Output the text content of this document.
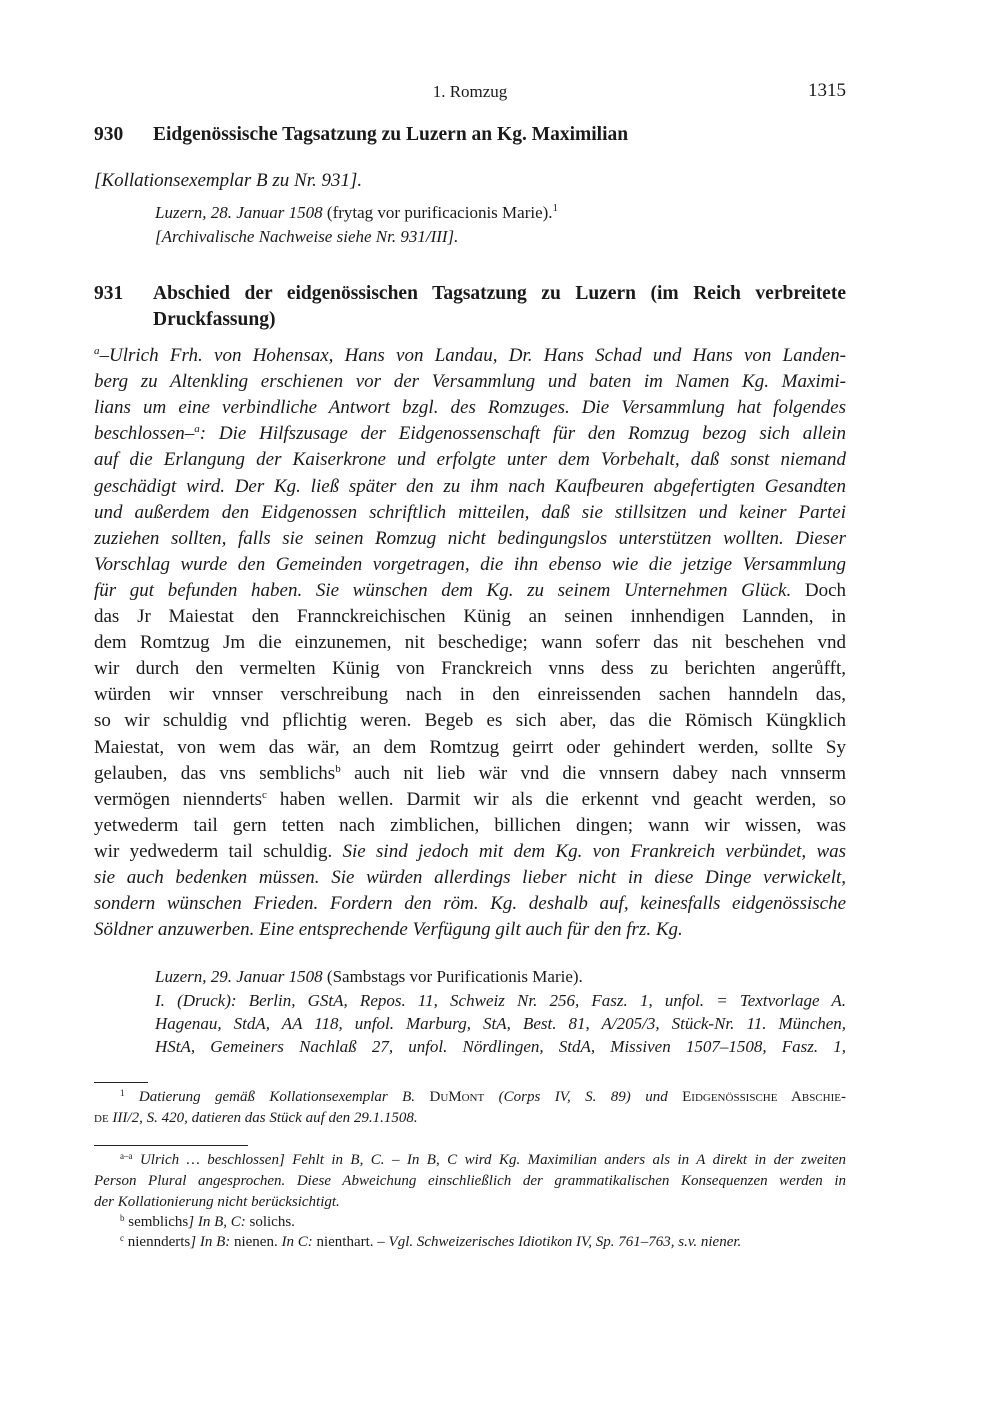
1. Romzug	1315
930 Eidgenössische Tagsatzung zu Luzern an Kg. Maximilian
[Kollationsexemplar B zu Nr. 931].
Luzern, 28. Januar 1508 (frytag vor purificacionis Marie).$^1$
[Archivalische Nachweise siehe Nr. 931/III].
931 Abschied der eidgenössischen Tagsatzung zu Luzern (im Reich verbreitete Druckfassung)
$^a$–Ulrich Frh. von Hohensax, Hans von Landau, Dr. Hans Schad und Hans von Landen-
berg zu Altenkling erschienen vor der Versammlung und baten im Namen Kg. Maximi-
lians um eine verbindliche Antwort bzgl. des Romzuges. Die Versammlung hat folgendes
beschlossen–$^a$: Die Hilfszusage der Eidgenossenschaft für den Romzug bezog sich allein
auf die Erlangung der Kaiserkrone und erfolgte unter dem Vorbehalt, daß sonst niemand
geschädigt wird. Der Kg. ließ später den zu ihm nach Kaufbeuren abgefertigten Gesandten
und außerdem den Eidgenossen schriftlich mitteilen, daß sie stillsitzen und keiner Partei
zuziehen sollten, falls sie seinen Romzug nicht bedingungslos unterstützen wollten. Dieser
Vorschlag wurde den Gemeinden vorgetragen, die ihn ebenso wie die jetzige Versammlung
für gut befunden haben. Sie wünschen dem Kg. zu seinem Unternehmen Glück. Doch
das Jr Maiestat den Frannckreichischen Künig an seinen innhendigen Lannden, in
dem Romtzug Jm die einzunemen, nit beschedige; wann soferr das nit beschehen vnd
wir durch den vermelten Künig von Franckreich vnns dess zu berichten angerůfft,
würden wir vnnser verschreibung nach in den einreissenden sachen hanndeln das,
so wir schuldig vnd pflichtig weren. Begeb es sich aber, das die Römisch Küngklich
Maiestat, von wem das wär, an dem Romtzug geirrt oder gehindert werden, sollte Sy
gelauben, das vns semblichs$^b$ auch nit lieb wär vnd die vnnsern dabey nach vnnserm
vermögen niennderts$^c$ haben wellen. Darmit wir als die erkennt vnd geacht werden, so
yetwederm tail gern tetten nach zimblichen, billichen dingen; wann wir wissen, was
wir yedwederm tail schuldig. Sie sind jedoch mit dem Kg. von Frankreich verbündet, was
sie auch bedenken müssen. Sie würden allerdings lieber nicht in diese Dinge verwickelt,
sondern wünschen Frieden. Fordern den röm. Kg. deshalb auf, keinesfalls eidgenössische
Söldner anzuwerben. Eine entsprechende Verfügung gilt auch für den frz. Kg.
Luzern, 29. Januar 1508 (Sambstags vor Purificationis Marie).
I. (Druck): Berlin, GStA, Repos. 11, Schweiz Nr. 256, Fasz. 1, unfol. = Textvorlage A.
Hagenau, StdA, AA 118, unfol. Marburg, StA, Best. 81, A/205/3, Stück-Nr. 11. München,
HStA, Gemeiners Nachlaß 27, unfol. Nördlingen, StdA, Missiven 1507–1508, Fasz. 1,
$^1$ Datierung gemäß Kollationsexemplar B. DuMont (Corps IV, S. 89) und Eidgenössische Abschie-
de III/2, S. 420, datieren das Stück auf den 29.1.1508.
$^{a-a}$ Ulrich … beschlossen] Fehlt in B, C. – In B, C wird Kg. Maximilian anders als in A direkt in der zweiten
Person Plural angesprochen. Diese Abweichung einschließlich der grammatikalischen Konsequenzen werden in
der Kollationierung nicht berücksichtigt.
$^b$ semblichs] In B, C: solichs.
$^c$ niennderts] In B: nienen. In C: nienthart. – Vgl. Schweizerisches Idiotikon IV, Sp. 761–763, s.v. niener.
